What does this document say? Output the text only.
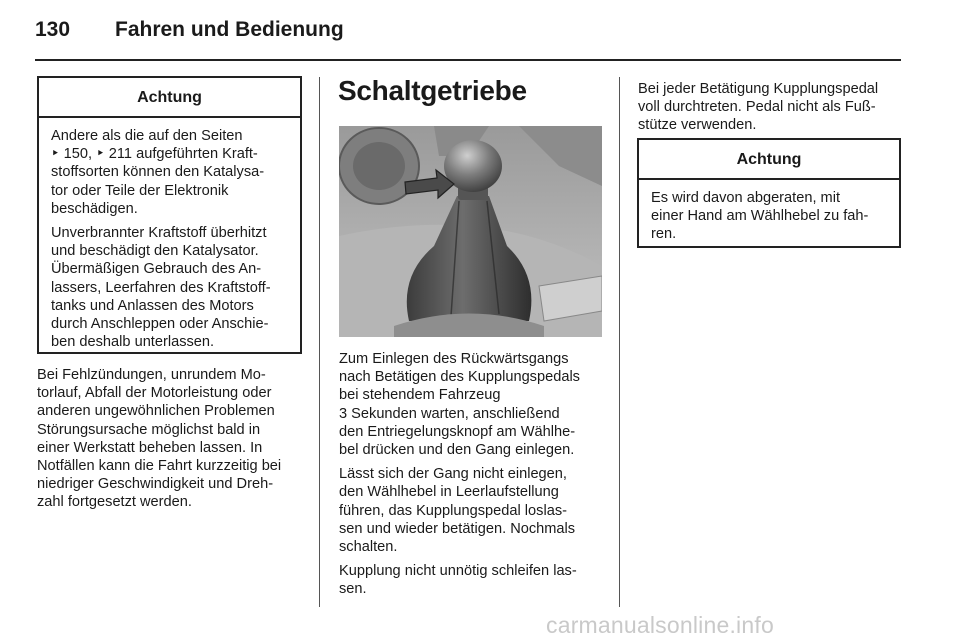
130 Fahren und Bedienung
Achtung

Andere als die auf den Seiten
‣ 150, ‣ 211 aufgeführten Kraft-
stoffsorten können den Katalysa-
tor oder Teile der Elektronik
beschädigen.

Unverbrannter Kraftstoff überhitzt
und beschädigt den Katalysator.
Übermäßigen Gebrauch des An-
lassers, Leerfahren des Kraftstoff-
tanks und Anlassen des Motors
durch Anschleppen oder Anschie-
ben deshalb unterlassen.

Bei Fehlzündungen, unrundem Mo-
torlauf, Abfall der Motorleistung oder
anderen ungewöhnlichen Problemen
Störungsursache möglichst bald in
einer Werkstatt beheben lassen. In
Notfällen kann die Fahrt kurzzeitig bei
niedriger Geschwindigkeit und Dreh-
zahl fortgesetzt werden.
Schaltgetriebe

Zum Einlegen des Rückwärtsgangs
nach Betätigen des Kupplungspedals
bei stehendem Fahrzeug
3 Sekunden warten, anschließend
den Entriegelungsknopf am Wählhe-
bel drücken und den Gang einlegen.

Lässt sich der Gang nicht einlegen,
den Wählhebel in Leerlaufstellung
führen, das Kupplungspedal loslas-
sen und wieder betätigen. Nochmals
schalten.

Kupplung nicht unnötig schleifen las-
sen.

Bei jeder Betätigung Kupplungspedal
voll durchtreten. Pedal nicht als Fuß-
stütze verwenden.
Achtung
Es wird davon abgeraten, mit
einer Hand am Wählhebel zu fah-
ren.
carmanualsonline.info
